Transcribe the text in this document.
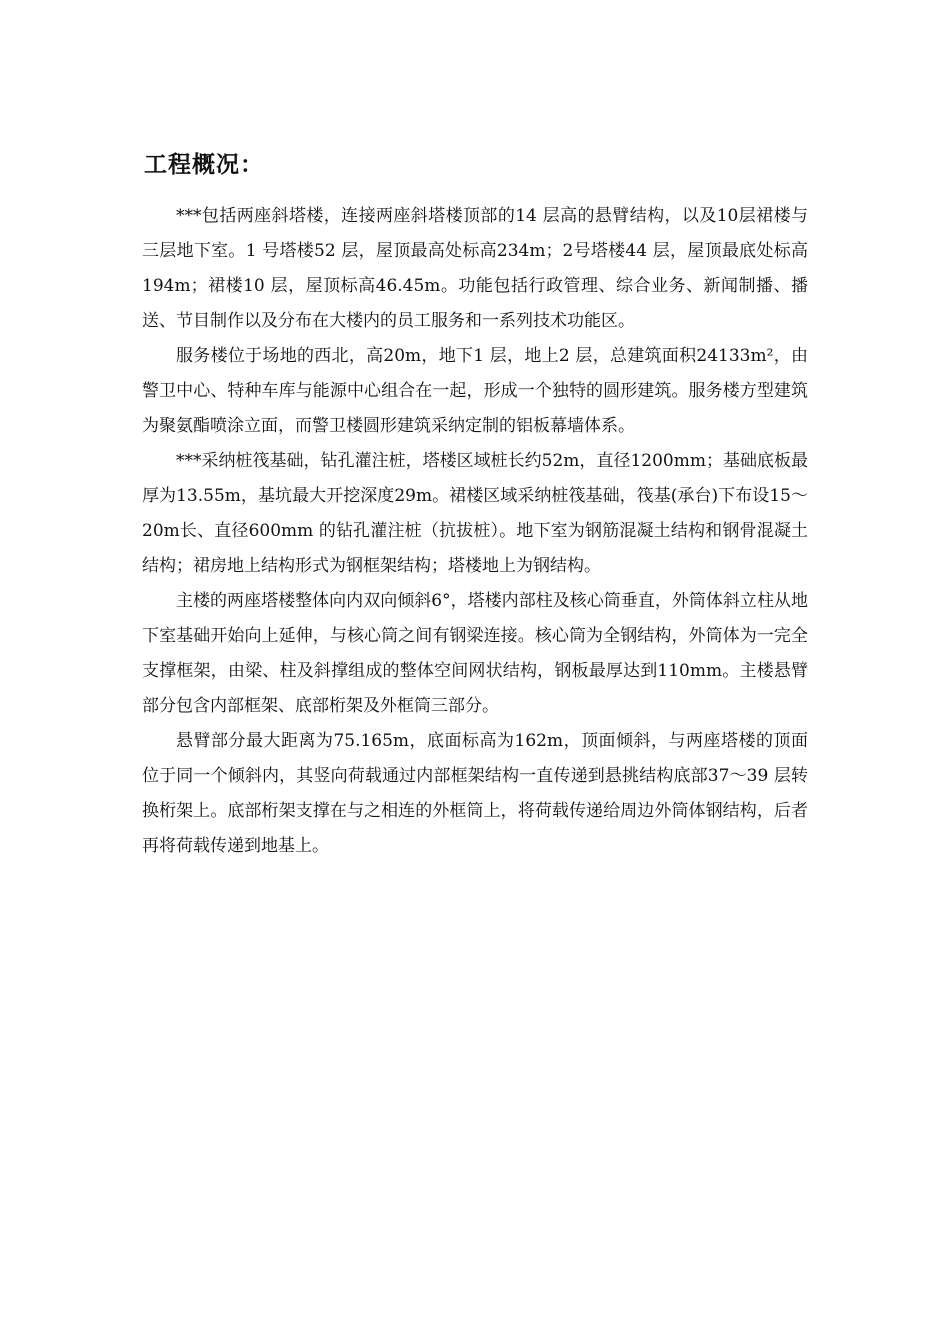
工程概况：

***包括两座斜塔楼，连接两座斜塔楼顶部的14 层高的悬臂结构，以及10层裙楼与三层地下室。1 号塔楼52 层，屋顶最高处标高234m；2号塔楼44 层，屋顶最底处标高194m；裙楼10 层，屋顶标高46.45m。功能包括行政管理、综合业务、新闻制播、播送、节目制作以及分布在大楼内的员工服务和一系列技术功能区。

服务楼位于场地的西北，高20m，地下1 层，地上2 层，总建筑面积24133m²，由警卫中心、特种车库与能源中心组合在一起，形成一个独特的圆形建筑。服务楼方型建筑为聚氨酯喷涂立面，而警卫楼圆形建筑采纳定制的铝板幕墙体系。

***采纳桩筏基础，钻孔灌注桩，塔楼区域桩长约52m，直径1200mm；基础底板最厚为13.55m，基坑最大开挖深度29m。裙楼区域采纳桩筏基础，筏基(承台)下布设15～20m长、直径600mm 的钻孔灌注桩（抗拔桩）。地下室为钢筋混凝土结构和钢骨混凝土结构；裙房地上结构形式为钢框架结构；塔楼地上为钢结构。

主楼的两座塔楼整体向内双向倾斜6°，塔楼内部柱及核心筒垂直，外筒体斜立柱从地下室基础开始向上延伸，与核心筒之间有钢梁连接。核心筒为全钢结构，外筒体为一完全支撑框架，由梁、柱及斜撑组成的整体空间网状结构，钢板最厚达到110mm。主楼悬臂部分包含内部框架、底部桁架及外框筒三部分。

悬臂部分最大距离为75.165m，底面标高为162m，顶面倾斜，与两座塔楼的顶面位于同一个倾斜内，其竖向荷载通过内部框架结构一直传递到悬挑结构底部37～39 层转换桁架上。底部桁架支撑在与之相连的外框筒上，将荷载传递给周边外筒体钢结构，后者再将荷载传递到地基上。
